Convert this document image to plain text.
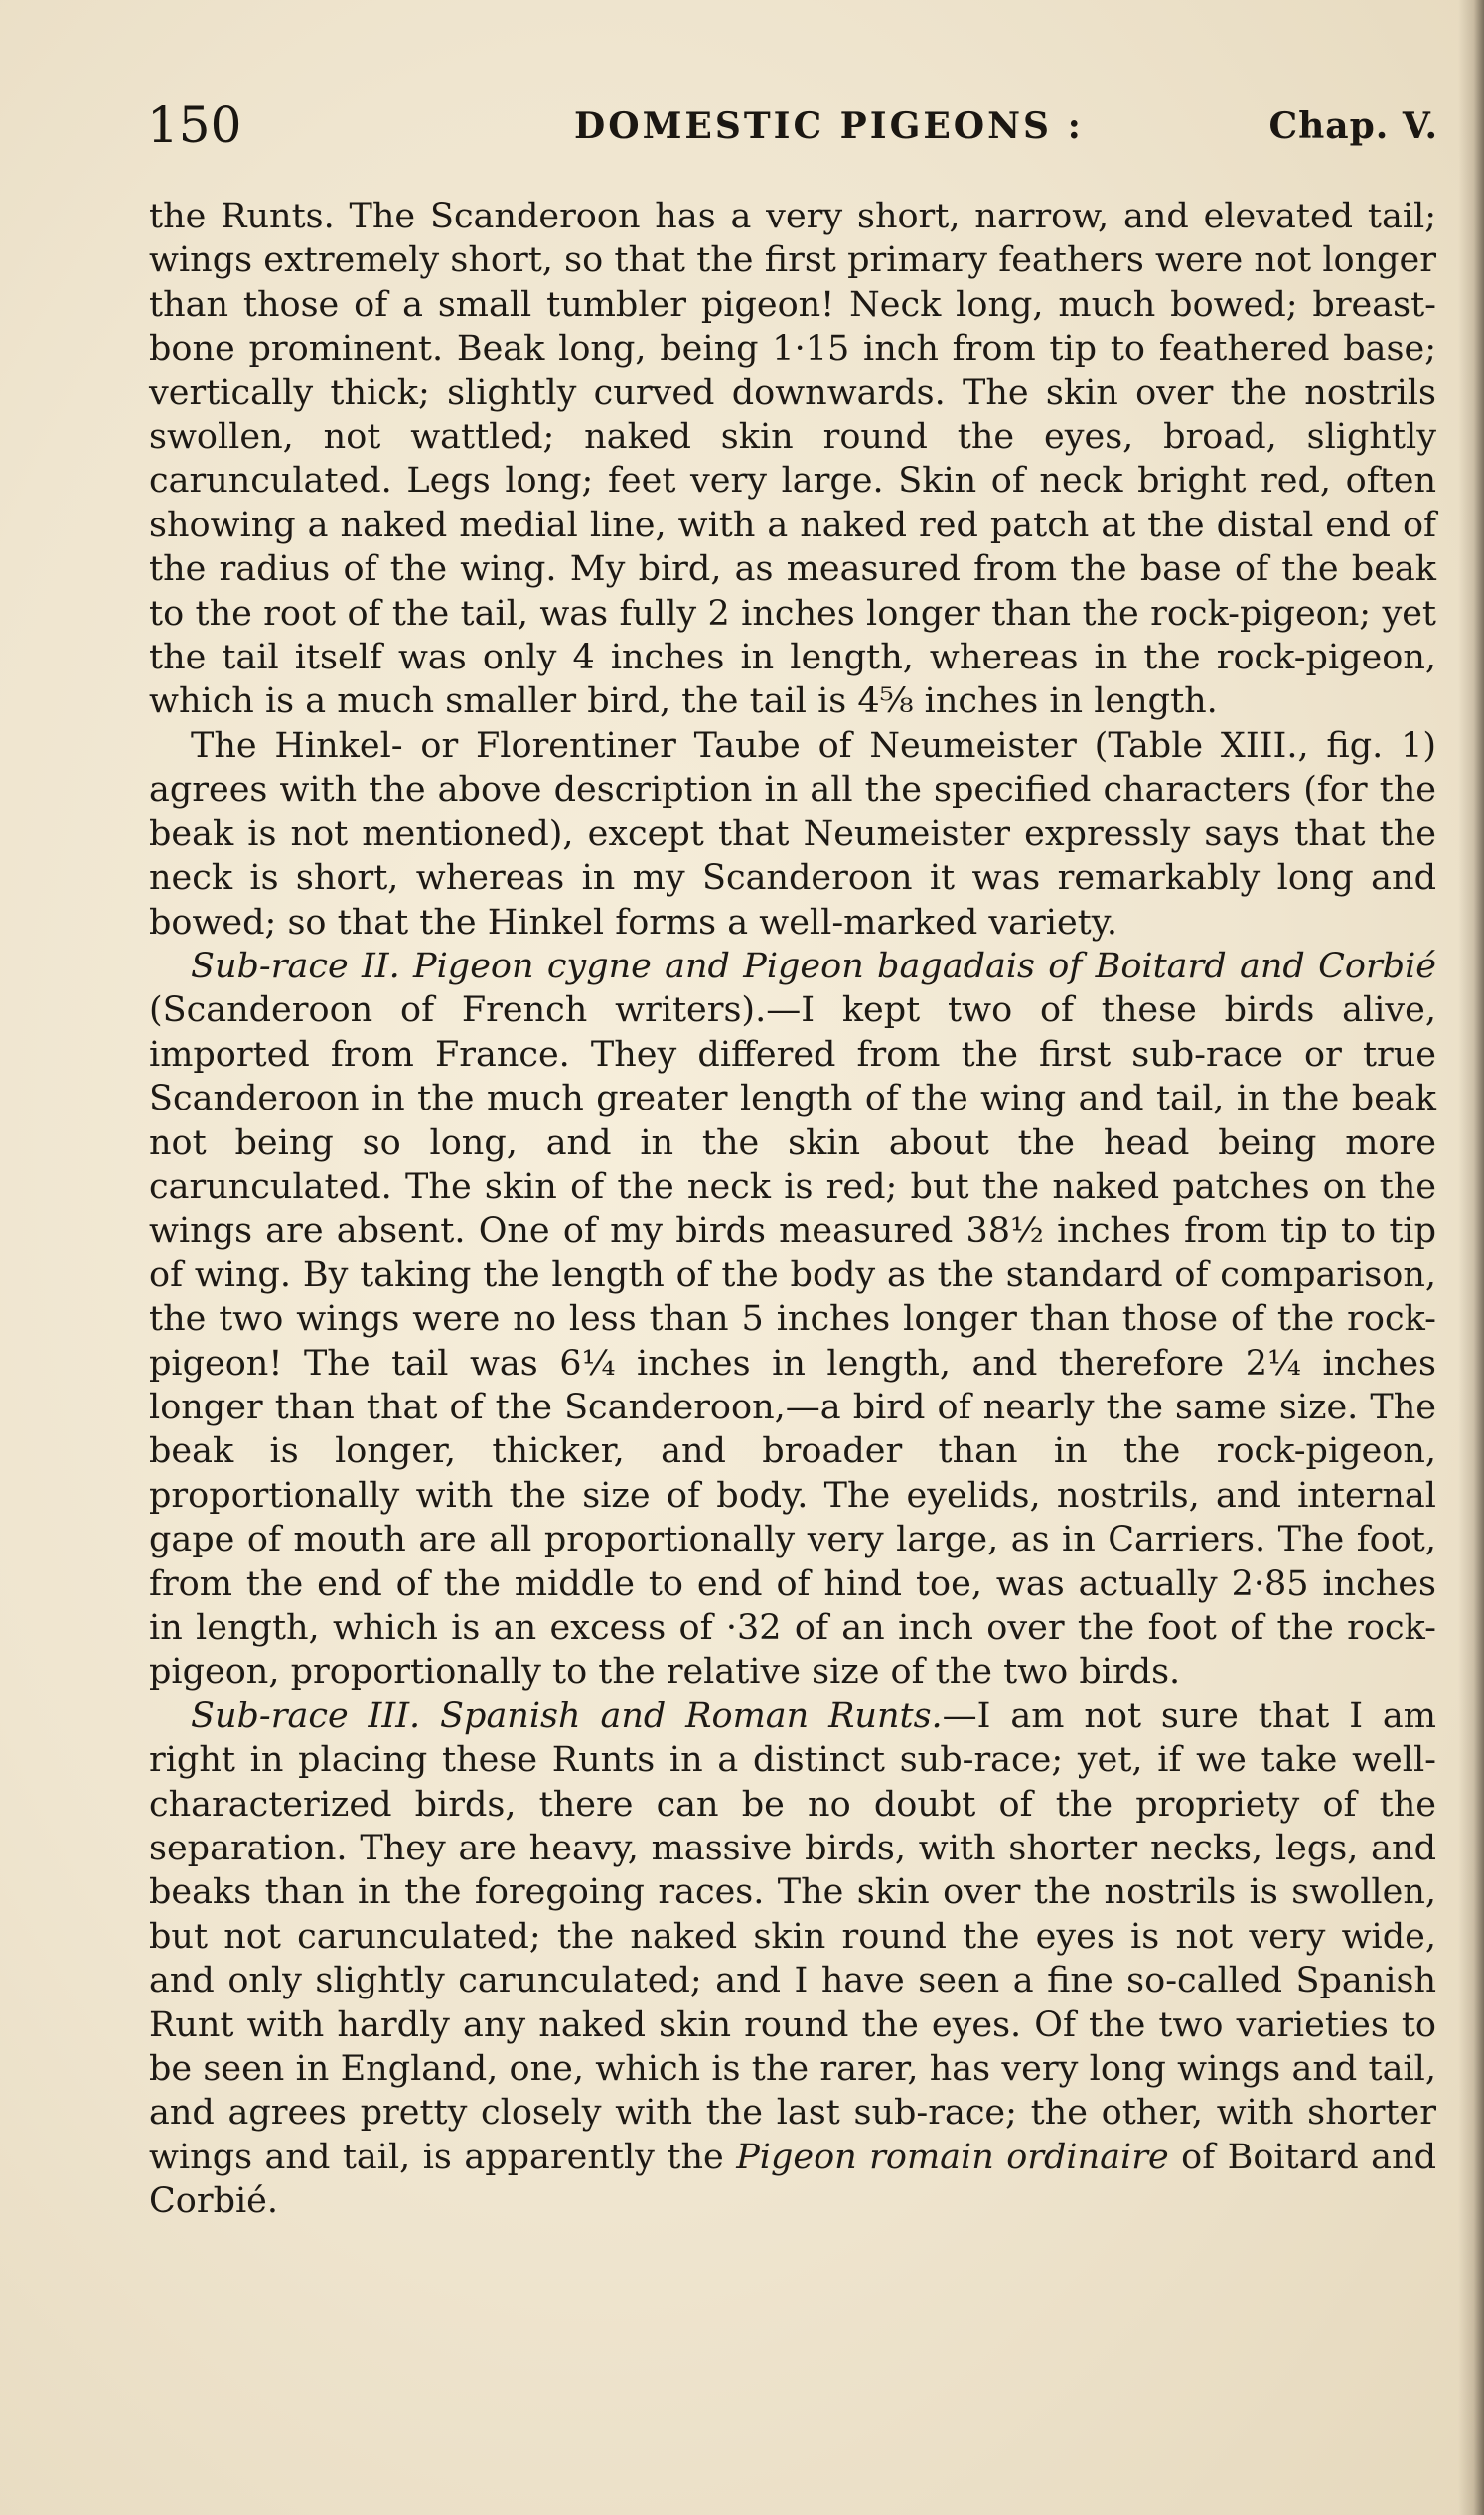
150	DOMESTIC PIGEONS :	Chap. V.

the Runts. The Scanderoon has a very short, narrow, and elevated tail; wings extremely short, so that the first primary feathers were not longer than those of a small tumbler pigeon! Neck long, much bowed; breast-bone prominent. Beak long, being 1·15 inch from tip to feathered base; vertically thick; slightly curved downwards. The skin over the nostrils swollen, not wattled; naked skin round the eyes, broad, slightly carunculated. Legs long; feet very large. Skin of neck bright red, often showing a naked medial line, with a naked red patch at the distal end of the radius of the wing. My bird, as measured from the base of the beak to the root of the tail, was fully 2 inches longer than the rock-pigeon; yet the tail itself was only 4 inches in length, whereas in the rock-pigeon, which is a much smaller bird, the tail is 4⅝ inches in length.

The Hinkel- or Florentiner Taube of Neumeister (Table XIII., fig. 1) agrees with the above description in all the specified characters (for the beak is not mentioned), except that Neumeister expressly says that the neck is short, whereas in my Scanderoon it was remarkably long and bowed; so that the Hinkel forms a well-marked variety.

Sub-race II. Pigeon cygne and Pigeon bagadais of Boitard and Corbié (Scanderoon of French writers).—I kept two of these birds alive, imported from France. They differed from the first sub-race or true Scanderoon in the much greater length of the wing and tail, in the beak not being so long, and in the skin about the head being more carunculated. The skin of the neck is red; but the naked patches on the wings are absent. One of my birds measured 38½ inches from tip to tip of wing. By taking the length of the body as the standard of comparison, the two wings were no less than 5 inches longer than those of the rock-pigeon! The tail was 6¼ inches in length, and therefore 2¼ inches longer than that of the Scanderoon,—a bird of nearly the same size. The beak is longer, thicker, and broader than in the rock-pigeon, proportionally with the size of body. The eyelids, nostrils, and internal gape of mouth are all proportionally very large, as in Carriers. The foot, from the end of the middle to end of hind toe, was actually 2·85 inches in length, which is an excess of ·32 of an inch over the foot of the rock-pigeon, proportionally to the relative size of the two birds.

Sub-race III. Spanish and Roman Runts.—I am not sure that I am right in placing these Runts in a distinct sub-race; yet, if we take well-characterized birds, there can be no doubt of the propriety of the separation. They are heavy, massive birds, with shorter necks, legs, and beaks than in the foregoing races. The skin over the nostrils is swollen, but not carunculated; the naked skin round the eyes is not very wide, and only slightly carunculated; and I have seen a fine so-called Spanish Runt with hardly any naked skin round the eyes. Of the two varieties to be seen in England, one, which is the rarer, has very long wings and tail, and agrees pretty closely with the last sub-race; the other, with shorter wings and tail, is apparently the Pigeon romain ordinaire of Boitard and Corbié.
